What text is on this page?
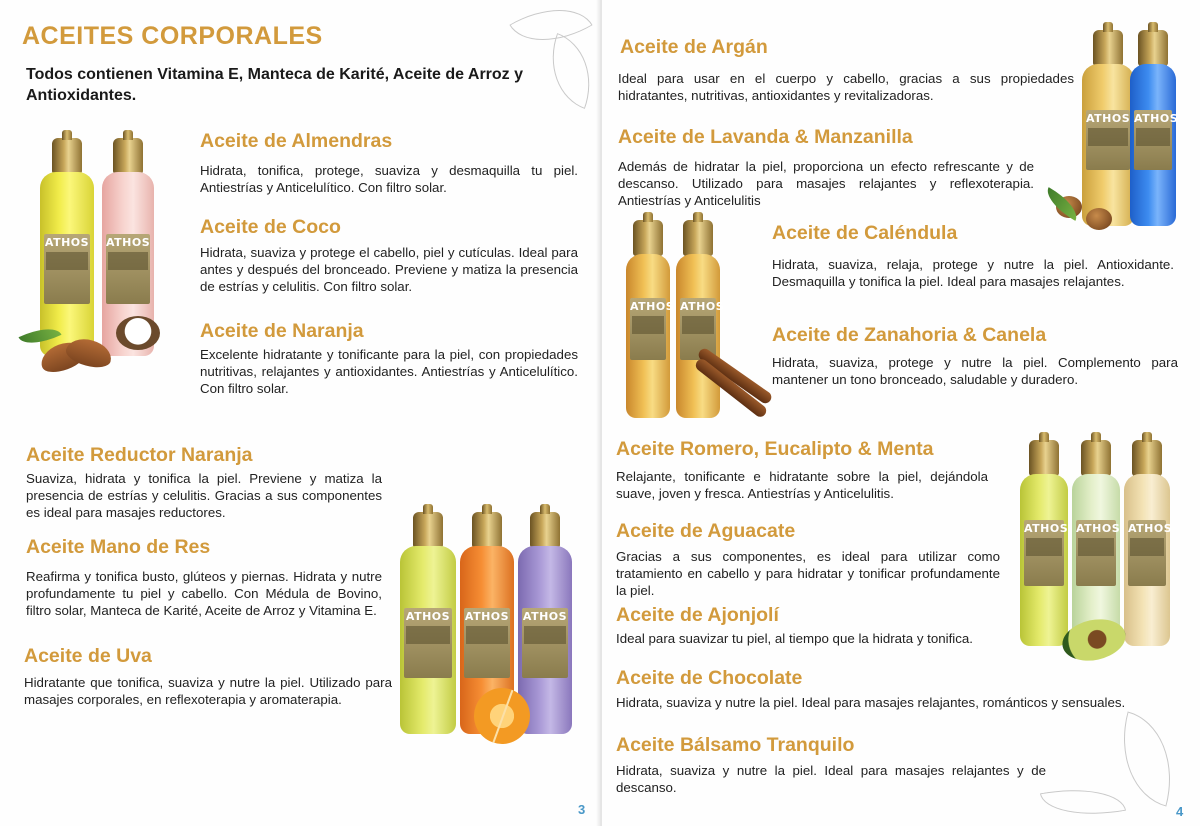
ACEITES CORPORALES

Todos contienen Vitamina E, Manteca de Karité, Aceite de Arroz y Antioxidantes.

ATHOS ATHOS
Aceite de Almendras

Hidrata, tonifica, protege, suaviza y desmaquilla tu piel. Antiestrías y Anticelulítico. Con filtro solar.

Aceite de Coco

Hidrata, suaviza y protege el cabello, piel y cutículas. Ideal para antes y después del bronceado. Previene y matiza la presencia de estrías y celulitis. Con filtro solar.

Aceite de Naranja

Excelente hidratante y tonificante para la piel, con propiedades nutritivas, relajantes y antioxidantes. Antiestrías y Anticelulítico. Con filtro solar.

Aceite Reductor Naranja

Suaviza, hidrata y tonifica la piel. Previene y matiza la presencia de estrías y celulitis. Gracias a sus componentes es ideal para masajes reductores.

Aceite Mano de Res

Reafirma y tonifica busto, glúteos y piernas. Hidrata y nutre profundamente tu piel y cabello. Con Médula de Bovino, filtro solar, Manteca de Karité, Aceite de Arroz y Vitamina E.

Aceite de Uva

Hidratante que tonifica, suaviza y nutre la piel. Utilizado para masajes corporales, en reflexoterapia y aromaterapia.

ATHOS ATHOS ATHOS
3
ATHOS ATHOS
Aceite de Argán

Ideal para usar en el cuerpo y cabello, gracias a sus propiedades hidratantes, nutritivas, antioxidantes y revitalizadoras.

Aceite de Lavanda & Manzanilla

Además de hidratar la piel, proporciona un efecto refrescante y de descanso. Utilizado para masajes relajantes y reflexoterapia. Antiestrías y Anticelulitis

ATHOS ATHOS
Aceite de Caléndula

Hidrata, suaviza, relaja, protege y nutre la piel. Antioxidante. Desmaquilla y tonifica la piel. Ideal para masajes relajantes.

Aceite de Zanahoria & Canela

Hidrata, suaviza, protege y nutre la piel. Complemento para mantener un tono bronceado, saludable y duradero.

Aceite Romero, Eucalipto & Menta

Relajante, tonificante e hidratante sobre la piel, dejándola suave, joven y fresca. Antiestrías y Anticelulitis.

ATHOS ATHOS ATHOS
Aceite de Aguacate

Gracias a sus componentes, es ideal para utilizar como tratamiento en cabello y para hidratar y tonificar profundamente la piel.

Aceite de Ajonjolí

Ideal para suavizar tu piel, al tiempo que la hidrata y tonifica.

Aceite de Chocolate

Hidrata, suaviza y nutre la piel. Ideal para masajes relajantes, románticos y sensuales.

Aceite Bálsamo Tranquilo

Hidrata, suaviza y nutre la piel. Ideal para masajes relajantes y de descanso.

4
